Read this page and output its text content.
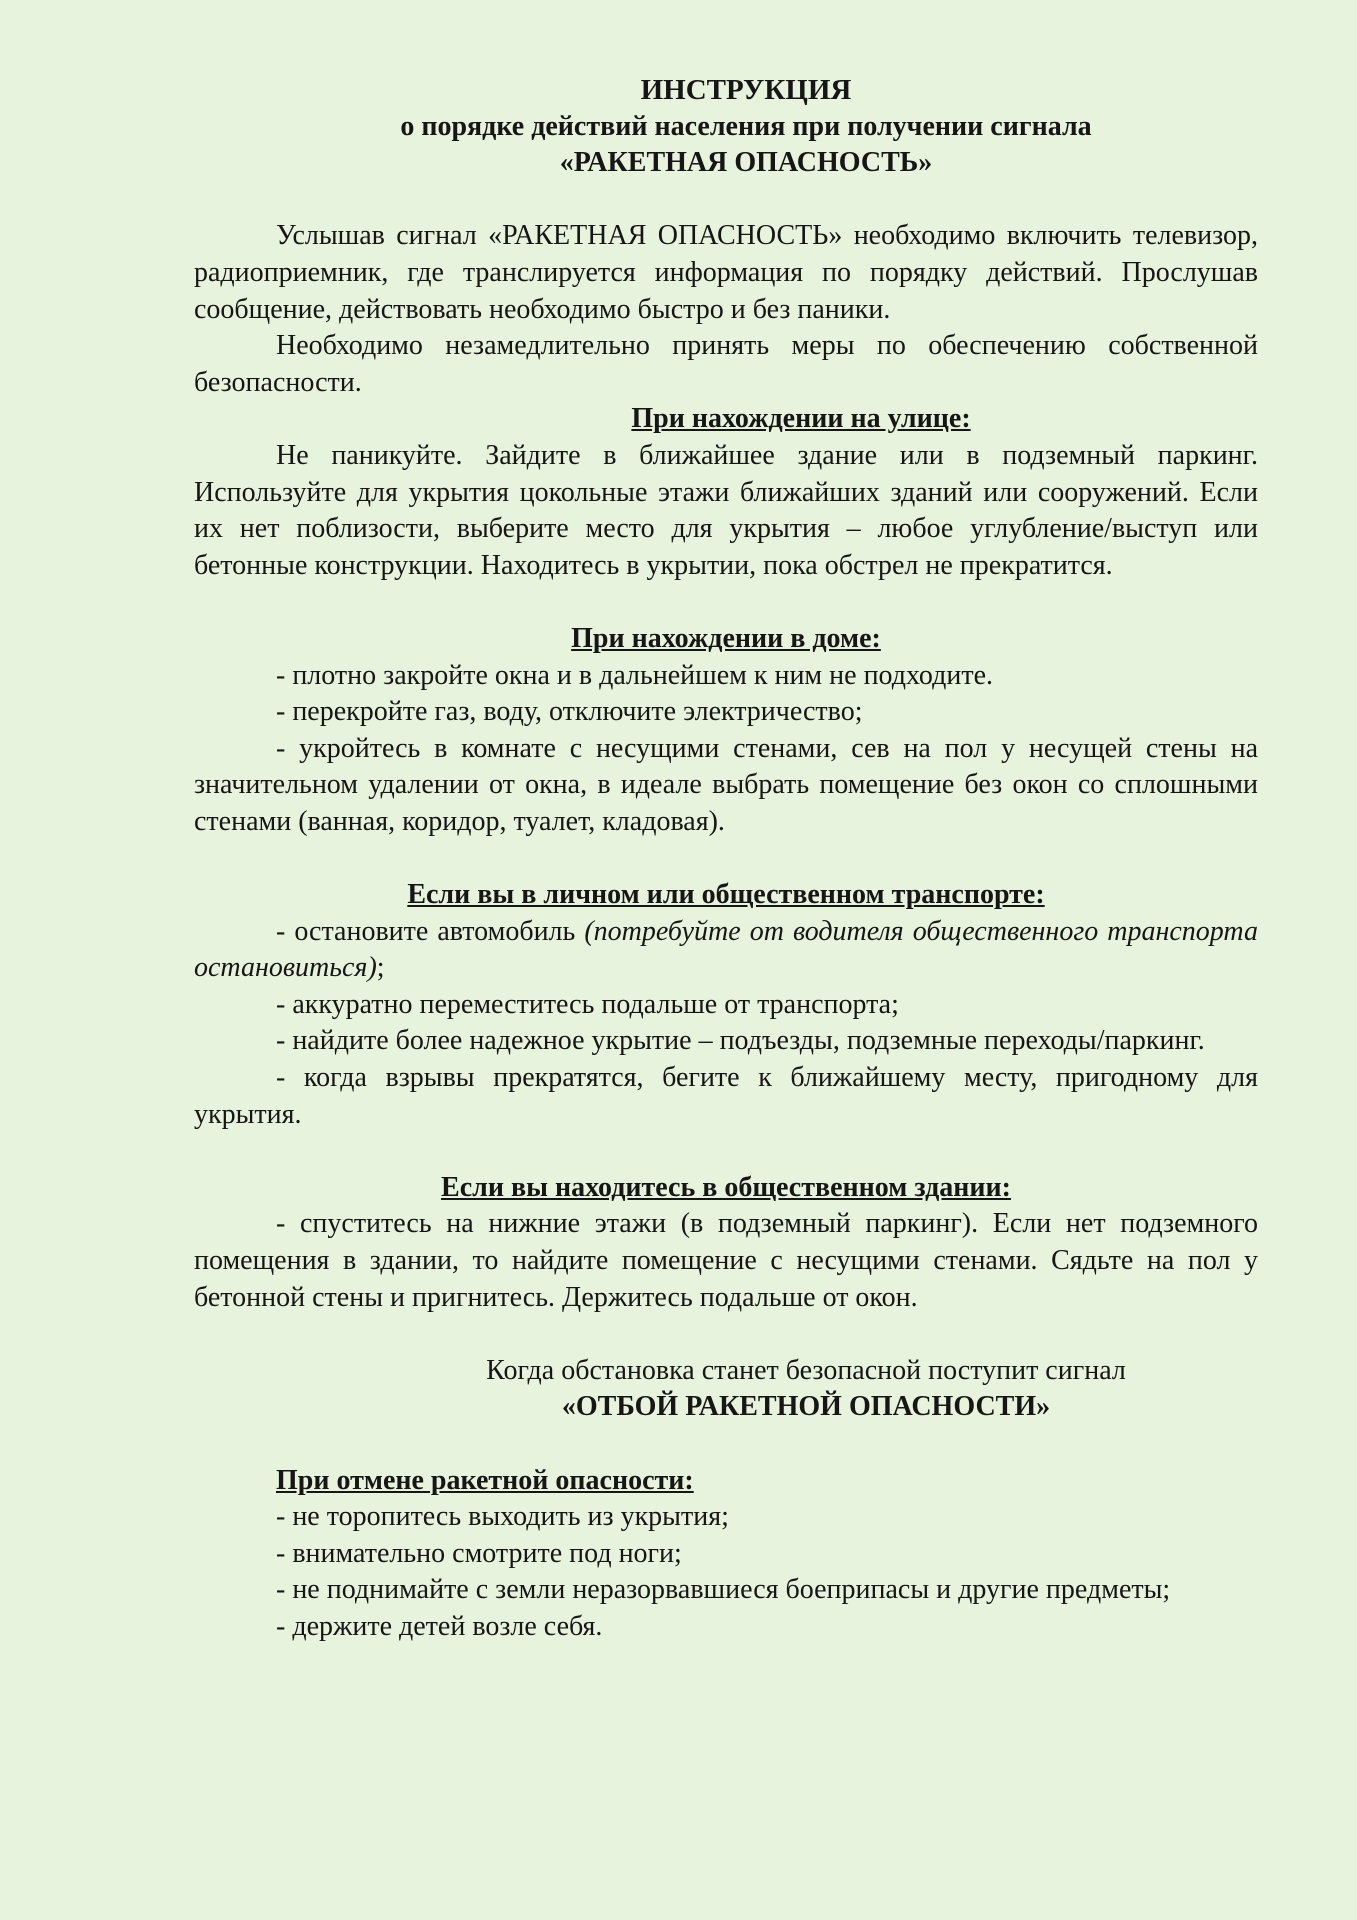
ИНСТРУКЦИЯ
о порядке действий населения при получении сигнала
«РАКЕТНАЯ ОПАСНОСТЬ»

Услышав сигнал «РАКЕТНАЯ ОПАСНОСТЬ» необходимо включить телевизор, радиоприемник, где транслируется информация по порядку действий. Прослушав сообщение, действовать необходимо быстро и без паники.

Необходимо незамедлительно принять меры по обеспечению собственной безопасности.

При нахождении на улице:

Не паникуйте. Зайдите в ближайшее здание или в подземный паркинг. Используйте для укрытия цокольные этажи ближайших зданий или сооружений. Если их нет поблизости, выберите место для укрытия – любое углубление/выступ или бетонные конструкции. Находитесь в укрытии, пока обстрел не прекратится.

При нахождении в доме:

- плотно закройте окна и в дальнейшем к ним не подходите.

- перекройте газ, воду, отключите электричество;

- укройтесь в комнате с несущими стенами, сев на пол у несущей стены на значительном удалении от окна, в идеале выбрать помещение без окон со сплошными стенами (ванная, коридор, туалет, кладовая).

Если вы в личном или общественном транспорте:

- остановите автомобиль (потребуйте от водителя общественного транспорта остановиться);

- аккуратно переместитесь подальше от транспорта;

- найдите более надежное укрытие – подъезды, подземные переходы/паркинг.

- когда взрывы прекратятся, бегите к ближайшему месту, пригодному для укрытия.

Если вы находитесь в общественном здании:

- спуститесь на нижние этажи (в подземный паркинг). Если нет подземного помещения в здании, то найдите помещение с несущими стенами. Сядьте на пол у бетонной стены и пригнитесь. Держитесь подальше от окон.

Когда обстановка станет безопасной поступит сигнал
«ОТБОЙ РАКЕТНОЙ ОПАСНОСТИ»
При отмене ракетной опасности:

- не торопитесь выходить из укрытия;

- внимательно смотрите под ноги;

- не поднимайте с земли неразорвавшиеся боеприпасы и другие предметы;

- держите детей возле себя.
